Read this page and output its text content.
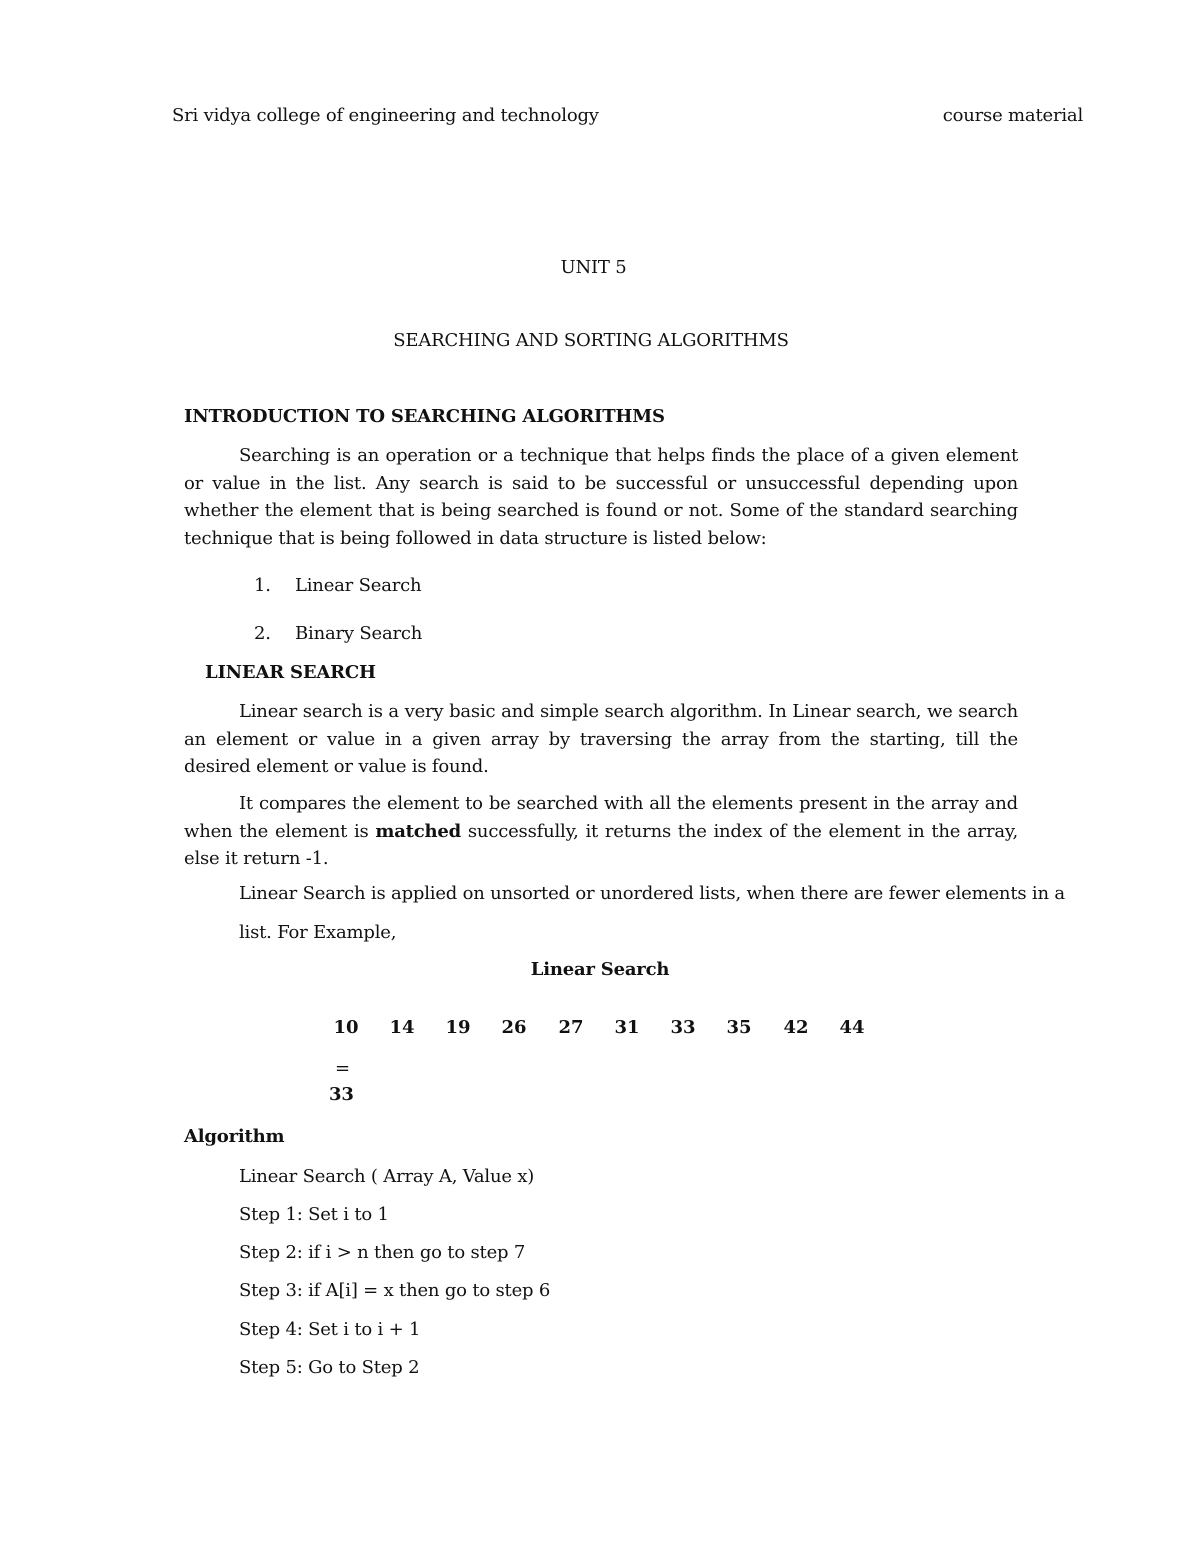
Sri vidya college of engineering and technology	course material
UNIT 5
SEARCHING AND SORTING ALGORITHMS
INTRODUCTION TO SEARCHING ALGORITHMS
Searching is an operation or a technique that helps finds the place of a given element or value in the list. Any search is said to be successful or unsuccessful depending upon whether the element that is being searched is found or not. Some of the standard searching technique that is being followed in data structure is listed below:
1. Linear Search
2. Binary Search
LINEAR SEARCH
Linear search is a very basic and simple search algorithm. In Linear search, we search an element or value in a given array by traversing the array from the starting, till the desired element or value is found.
It compares the element to be searched with all the elements present in the array and when the element is matched successfully, it returns the index of the element in the array, else it return -1.
Linear Search is applied on unsorted or unordered lists, when there are fewer elements in a
list. For Example,
Linear Search
10	14	19	26	27	31	33	35	42	44
=
33
Algorithm
Linear Search ( Array A, Value x)
Step 1: Set i to 1
Step 2: if i > n then go to step 7
Step 3: if A[i] = x then go to step 6
Step 4: Set i to i + 1
Step 5: Go to Step 2
